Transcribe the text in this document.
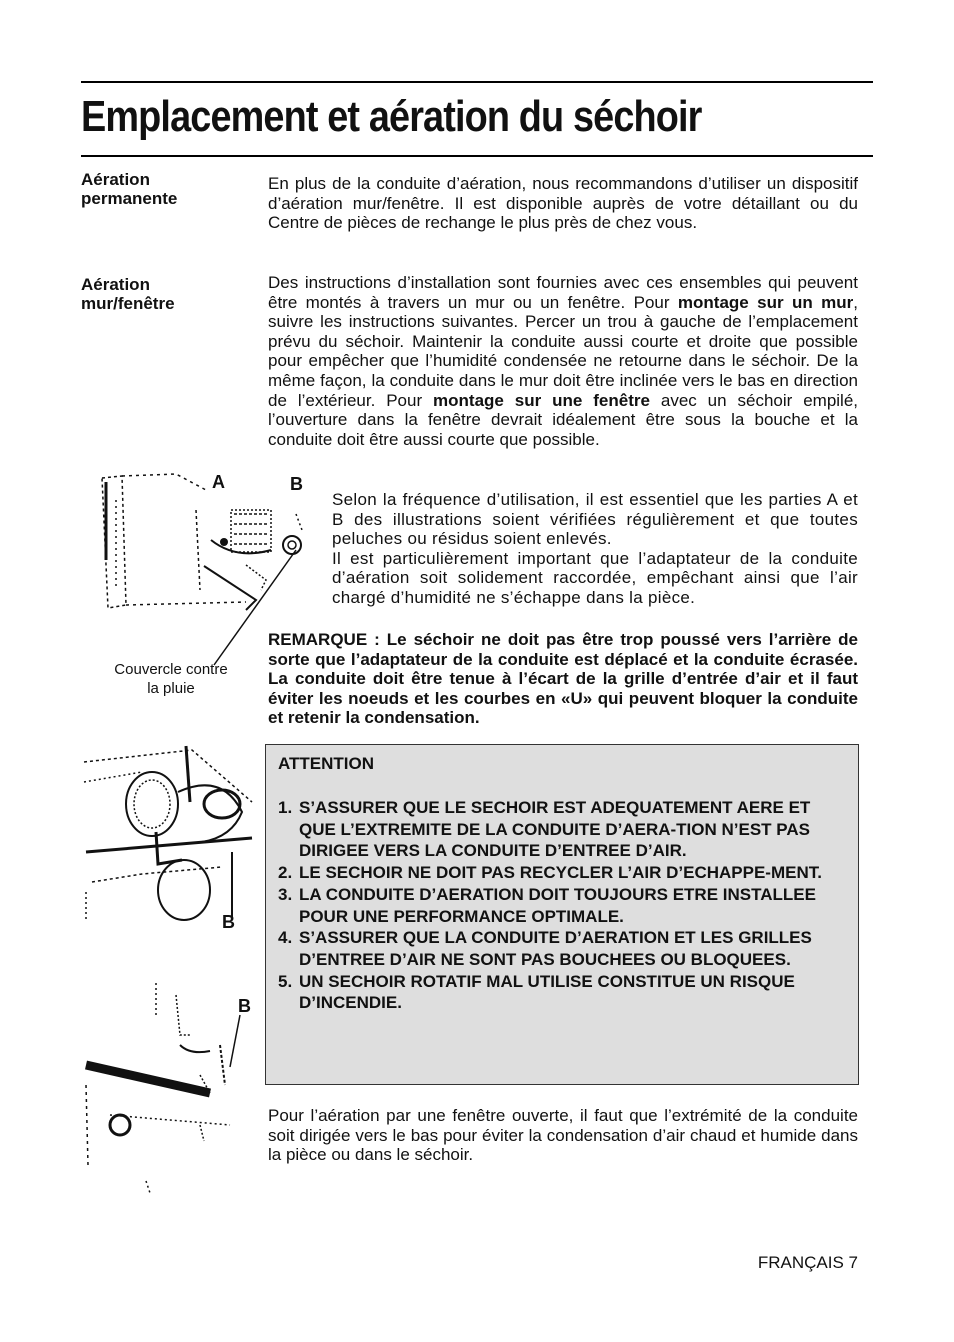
Emplacement et aération du séchoir
Aération
permanente

En plus de la conduite d’aération, nous recommandons d’utiliser un dispositif d’aération mur/fenêtre. Il est disponible auprès de votre détaillant ou du Centre de pièces de rechange le plus près de chez vous.

Aération
mur/fenêtre

Des instructions d’installation sont fournies avec ces ensembles qui peuvent être montés à travers un mur ou un fenêtre. Pour montage sur un mur, suivre les instructions suivantes. Percer un trou à gauche de l’emplacement prévu du séchoir. Maintenir la conduite aussi courte et droite que possible pour empêcher que l’humidité condensée ne retourne dans le séchoir. De la même façon, la conduite dans le mur doit être inclinée vers le bas en direction de l’extérieur. Pour montage sur une fenêtre avec un séchoir empilé, l’ouverture dans la fenêtre devrait idéalement être sous la bouche et la conduite doit être aussi courte que possible.

A	B
Couvercle contre
la pluie

Selon la fréquence d’utilisation, il est essentiel que les parties A et B des illustrations soient vérifiées régulièrement et que toutes peluches ou résidus soient enlevés.

Il est particulièrement important que l’adaptateur de la conduite d’aération soit solidement raccordée, empêchant ainsi que l’air chargé d’humidité ne s’échappe dans la pièce.

REMARQUE : Le séchoir ne doit pas être trop poussé vers l’arrière de sorte que l’adaptateur de la conduite est déplacé et la conduite écrasée. La conduite doit être tenue à l’écart de la grille d’entrée d’air et il faut éviter les noeuds et les courbes en «U» qui peuvent bloquer la conduite et retenir la condensation.

B
ATTENTION
1. S’ASSURER QUE LE SECHOIR EST ADEQUATEMENT AERE ET QUE L’EXTREMITE DE LA CONDUITE D’AERA-TION N’EST PAS DIRIGEE VERS LA CONDUITE D’ENTREE D’AIR.
2. LE SECHOIR NE DOIT PAS RECYCLER L’AIR D’ECHAPPE-MENT.
3. LA CONDUITE D’AERATION DOIT TOUJOURS ETRE INSTALLEE POUR UNE PERFORMANCE OPTIMALE.
4. S’ASSURER QUE LA CONDUITE D’AERATION ET LES GRILLES D’ENTREE D’AIR NE SONT PAS BOUCHEES OU BLOQUEES.
5. UN SECHOIR ROTATIF MAL UTILISE CONSTITUE UN RISQUE D’INCENDIE.
B

Pour l’aération par une fenêtre ouverte, il faut que l’extrémité de la conduite soit dirigée vers le bas pour éviter la condensation d’air chaud et humide dans la pièce ou dans le séchoir.

FRANÇAIS 7
